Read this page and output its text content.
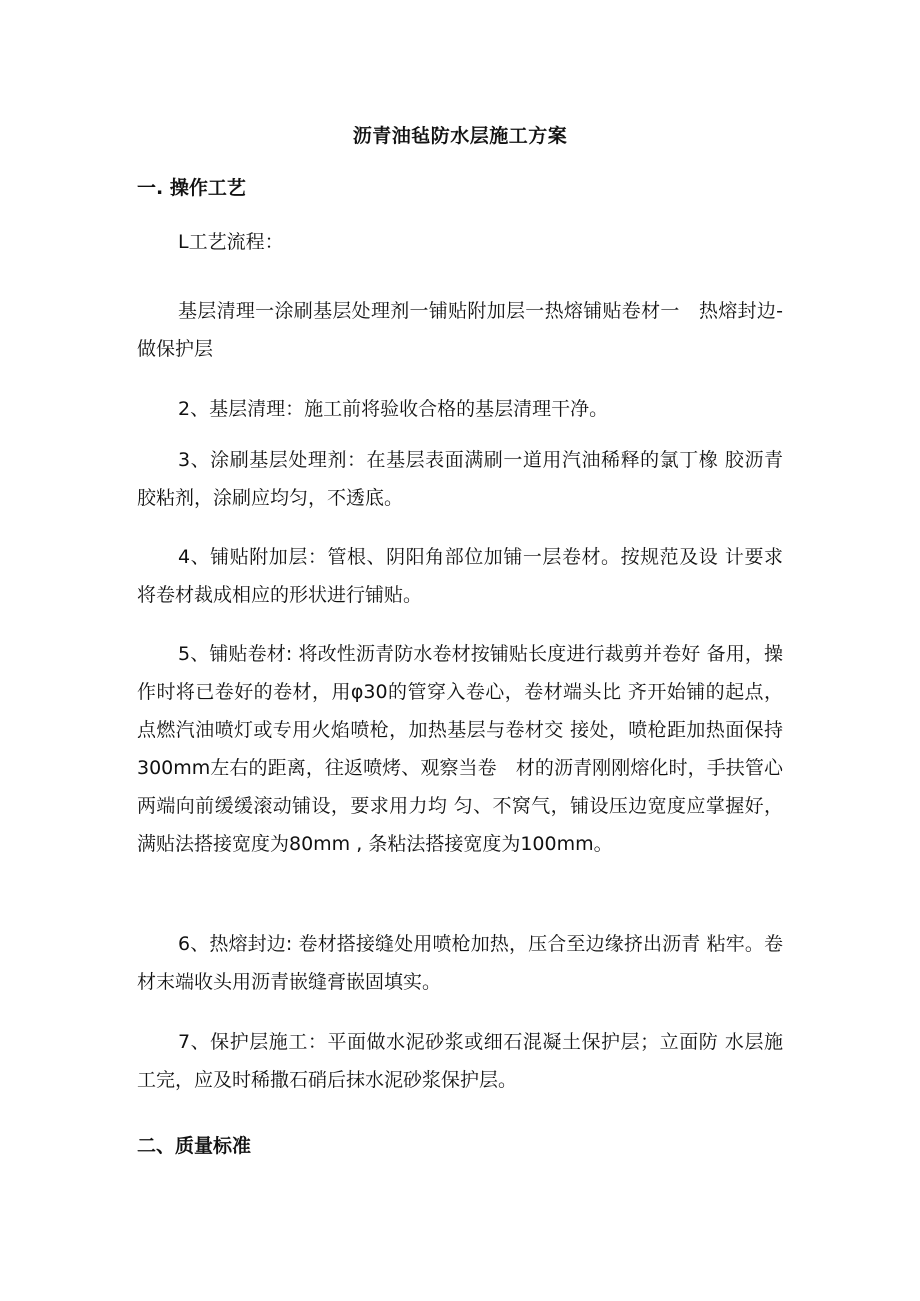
沥青油毡防水层施工方案
一. 操作工艺
L工艺流程：

基层清理一涂刷基层处理剂一铺贴附加层一热熔铺贴卷材一　热熔封边-做保护层

2、基层清理：施工前将验收合格的基层清理干净。

3、涂刷基层处理剂：在基层表面满刷一道用汽油稀释的氯丁橡 胶沥青胶粘剂，涂刷应均匀，不透底。

4、铺贴附加层：管根、阴阳角部位加铺一层卷材。按规范及设 计要求将卷材裁成相应的形状进行铺贴。

5、铺贴卷材: 将改性沥青防水卷材按铺贴长度进行裁剪并卷好 备用，操作时将已卷好的卷材，用φ30的管穿入卷心，卷材端头比 齐开始铺的起点，点燃汽油喷灯或专用火焰喷枪，加热基层与卷材交 接处，喷枪距加热面保持300mm左右的距离，往返喷烤、观察当卷　材的沥青刚刚熔化时，手扶管心两端向前缓缓滚动铺设，要求用力均 匀、不窝气，铺设压边宽度应掌握好，满贴法搭接宽度为80mm , 条粘法搭接宽度为100mm。

6、热熔封边: 卷材搭接缝处用喷枪加热，压合至边缘挤出沥青 粘牢。卷材末端收头用沥青嵌缝膏嵌固填实。

7、保护层施工：平面做水泥砂浆或细石混凝土保护层；立面防 水层施工完，应及时稀撒石硝后抹水泥砂浆保护层。

二、质量标准
